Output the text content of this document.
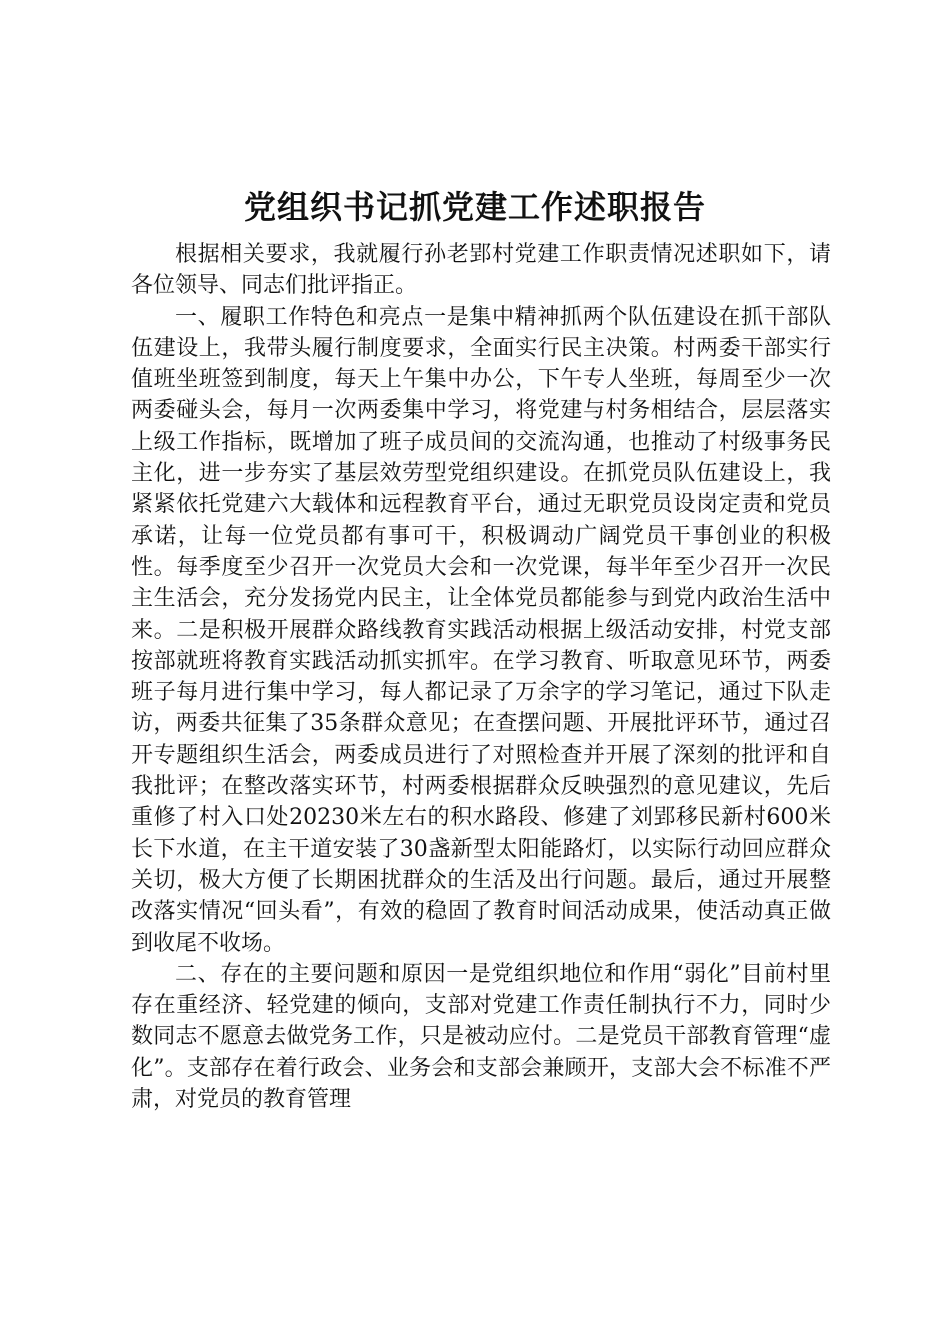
党组织书记抓党建工作述职报告

根据相关要求，我就履行孙老郢村党建工作职责情况述职如下，请各位领导、同志们批评指正。

一、履职工作特色和亮点一是集中精神抓两个队伍建设在抓干部队伍建设上，我带头履行制度要求，全面实行民主决策。村两委干部实行值班坐班签到制度，每天上午集中办公，下午专人坐班，每周至少一次两委碰头会，每月一次两委集中学习，将党建与村务相结合，层层落实上级工作指标，既增加了班子成员间的交流沟通，也推动了村级事务民主化，进一步夯实了基层效劳型党组织建设。在抓党员队伍建设上，我紧紧依托党建六大载体和远程教育平台，通过无职党员设岗定责和党员承诺，让每一位党员都有事可干，积极调动广阔党员干事创业的积极性。每季度至少召开一次党员大会和一次党课，每半年至少召开一次民主生活会，充分发扬党内民主，让全体党员都能参与到党内政治生活中来。二是积极开展群众路线教育实践活动根据上级活动安排，村党支部按部就班将教育实践活动抓实抓牢。在学习教育、听取意见环节，两委班子每月进行集中学习，每人都记录了万余字的学习笔记，通过下队走访，两委共征集了35条群众意见；在查摆问题、开展批评环节，通过召开专题组织生活会，两委成员进行了对照检查并开展了深刻的批评和自我批评；在整改落实环节，村两委根据群众反映强烈的意见建议，先后重修了村入口处20230米左右的积水路段、修建了刘郢移民新村600米长下水道，在主干道安装了30盏新型太阳能路灯，以实际行动回应群众关切，极大方便了长期困扰群众的生活及出行问题。最后，通过开展整改落实情况“回头看”，有效的稳固了教育时间活动成果，使活动真正做到收尾不收场。

二、存在的主要问题和原因一是党组织地位和作用“弱化”目前村里存在重经济、轻党建的倾向，支部对党建工作责任制执行不力，同时少数同志不愿意去做党务工作，只是被动应付。二是党员干部教育管理“虚化”。支部存在着行政会、业务会和支部会兼顾开，支部大会不标准不严肃，对党员的教育管理
